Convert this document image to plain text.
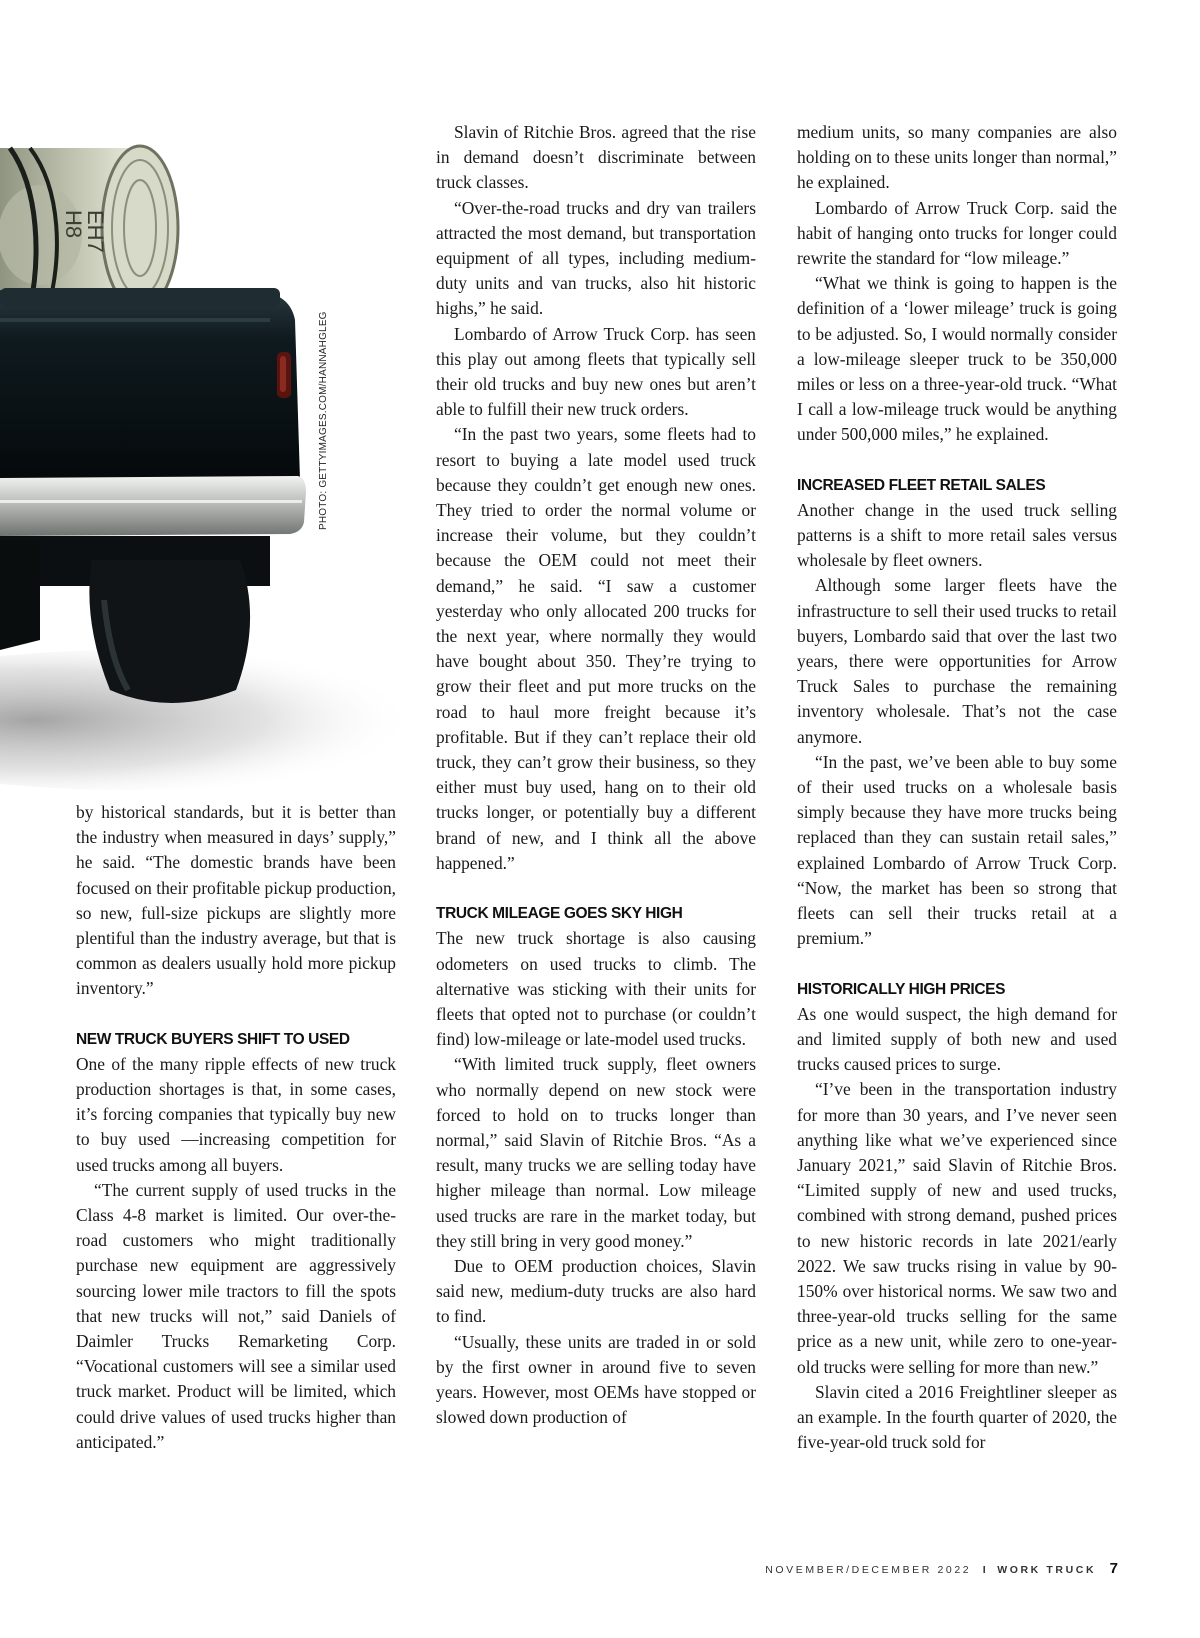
EH7
H8
PHOTO: GETTYIMAGES.COM/HANNAHGLEG

by historical standards, but it is better than the industry when measured in days’ supply,” he said. “The domestic brands have been focused on their profitable pickup production, so new, full-size pickups are slightly more plentiful than the industry average, but that is common as dealers usually hold more pickup inventory.”

NEW TRUCK BUYERS SHIFT TO USED

One of the many ripple effects of new truck production shortages is that, in some cases, it’s forcing companies that typically buy new to buy used —increasing competition for used trucks among all buyers.

“The current supply of used trucks in the Class 4-8 market is limited. Our over-the-road customers who might traditionally purchase new equipment are aggressively sourcing lower mile tractors to fill the spots that new trucks will not,” said Daniels of Daimler Trucks Remarketing Corp. “Vocational customers will see a similar used truck market. Product will be limited, which could drive values of used trucks higher than anticipated.”

Slavin of Ritchie Bros. agreed that the rise in demand doesn’t discriminate between truck classes.

“Over-the-road trucks and dry van trailers attracted the most demand, but transportation equipment of all types, including medium-duty units and van trucks, also hit historic highs,” he said.

Lombardo of Arrow Truck Corp. has seen this play out among fleets that typically sell their old trucks and buy new ones but aren’t able to fulfill their new truck orders.

“In the past two years, some fleets had to resort to buying a late model used truck because they couldn’t get enough new ones. They tried to order the normal volume or increase their volume, but they couldn’t because the OEM could not meet their demand,” he said. “I saw a customer yesterday who only allocated 200 trucks for the next year, where normally they would have bought about 350. They’re trying to grow their fleet and put more trucks on the road to haul more freight because it’s profitable. But if they can’t replace their old truck, they can’t grow their business, so they either must buy used, hang on to their old trucks longer, or potentially buy a different brand of new, and I think all the above happened.”

TRUCK MILEAGE GOES SKY HIGH

The new truck shortage is also causing odometers on used trucks to climb. The alternative was sticking with their units for fleets that opted not to purchase (or couldn’t find) low-mileage or late-model used trucks.

“With limited truck supply, fleet owners who normally depend on new stock were forced to hold on to trucks longer than normal,” said Slavin of Ritchie Bros. “As a result, many trucks we are selling today have higher mileage than normal. Low mileage used trucks are rare in the market today, but they still bring in very good money.”

Due to OEM production choices, Slavin said new, medium-duty trucks are also hard to find.

“Usually, these units are traded in or sold by the first owner in around five to seven years. However, most OEMs have stopped or slowed down production of

medium units, so many companies are also holding on to these units longer than normal,” he explained.

Lombardo of Arrow Truck Corp. said the habit of hanging onto trucks for longer could rewrite the standard for “low mileage.”

“What we think is going to happen is the definition of a ‘lower mileage’ truck is going to be adjusted. So, I would normally consider a low-mileage sleeper truck to be 350,000 miles or less on a three-year-old truck. “What I call a low-mileage truck would be anything under 500,000 miles,” he explained.

INCREASED FLEET RETAIL SALES

Another change in the used truck selling patterns is a shift to more retail sales versus wholesale by fleet owners.

Although some larger fleets have the infrastructure to sell their used trucks to retail buyers, Lombardo said that over the last two years, there were opportunities for Arrow Truck Sales to purchase the remaining inventory wholesale. That’s not the case anymore.

“In the past, we’ve been able to buy some of their used trucks on a wholesale basis simply because they have more trucks being replaced than they can sustain retail sales,” explained Lombardo of Arrow Truck Corp. “Now, the market has been so strong that fleets can sell their trucks retail at a premium.”

HISTORICALLY HIGH PRICES

As one would suspect, the high demand for and limited supply of both new and used trucks caused prices to surge.

“I’ve been in the transportation industry for more than 30 years, and I’ve never seen anything like what we’ve experienced since January 2021,” said Slavin of Ritchie Bros. “Limited supply of new and used trucks, combined with strong demand, pushed prices to new historic records in late 2021/early 2022. We saw trucks rising in value by 90-150% over historical norms. We saw two and three-year-old trucks selling for the same price as a new unit, while zero to one-year-old trucks were selling for more than new.”

Slavin cited a 2016 Freightliner sleeper as an example. In the fourth quarter of 2020, the five-year-old truck sold for

NOVEMBER/DECEMBER 2022 I WORK TRUCK 7
